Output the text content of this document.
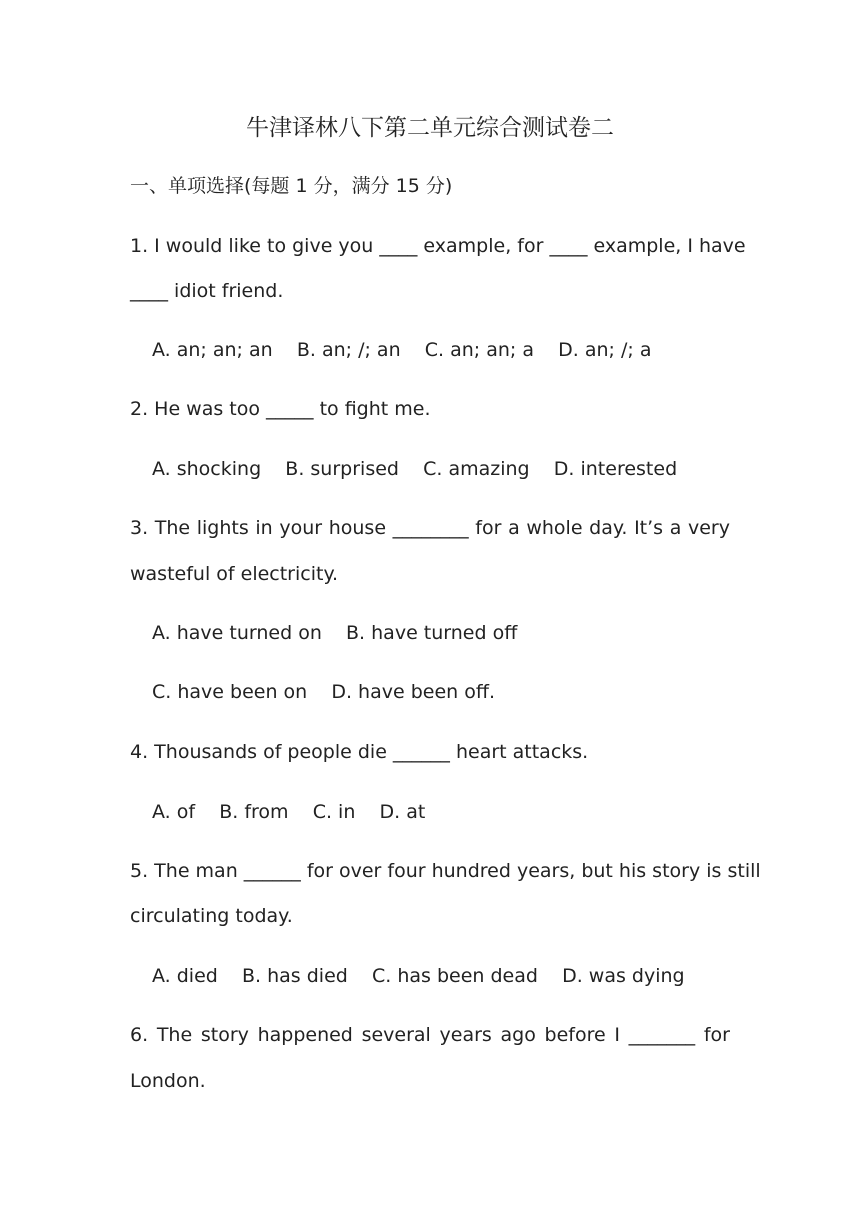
牛津译林八下第二单元综合测试卷二
一、单项选择(每题 1 分，满分 15 分)
1. I would like to give you ____ example, for ____ example, I have
____ idiot friend.
A. an; an; an    B. an; /; an    C. an; an; a    D. an; /; a
2. He was too _____ to fight me.
A. shocking    B. surprised    C. amazing    D. interested
3. The lights in your house ________ for a whole day. It’s a very
wasteful of electricity.
A. have turned on    B. have turned off
C. have been on    D. have been off.
4. Thousands of people die ______ heart attacks.
A. of    B. from    C. in    D. at
5. The man ______ for over four hundred years, but his story is still
circulating today.
A. died    B. has died    C. has been dead    D. was dying
6. The story happened several years ago before I _______ for
London.
